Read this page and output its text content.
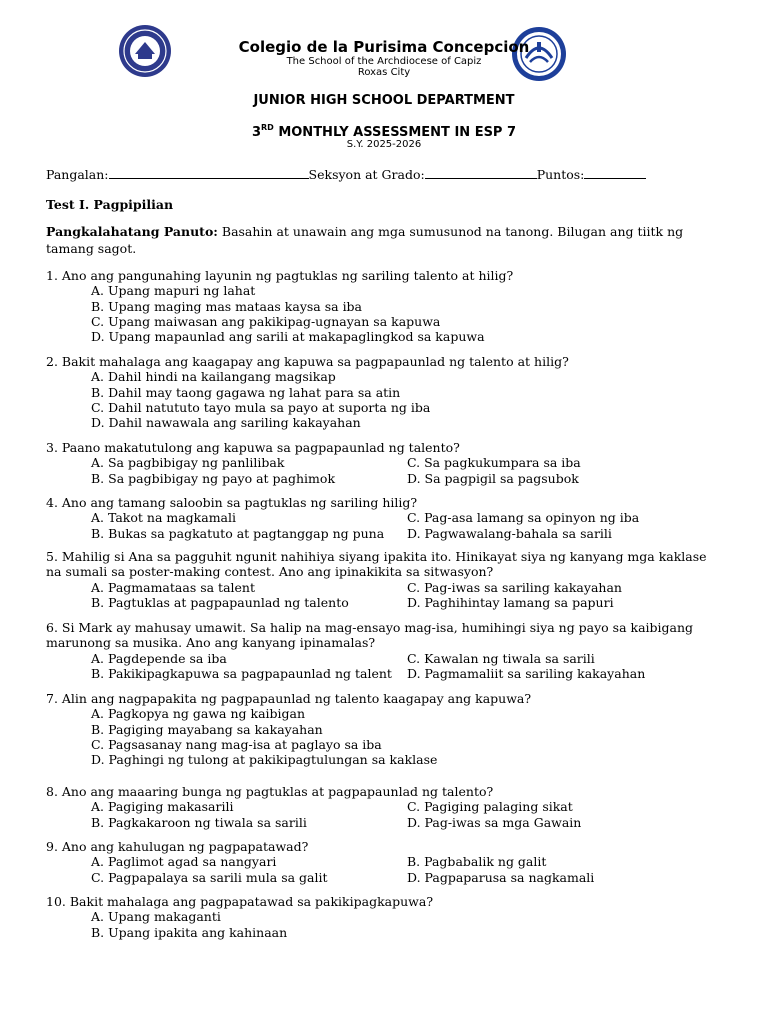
Colegio de la Purisima Concepcion
The School of the Archdiocese of Capiz
Roxas City
JUNIOR HIGH SCHOOL DEPARTMENT
3RD MONTHLY ASSESSMENT IN ESP 7
S.Y. 2025-2026
Pangalan:	Seksyon at Grado:	Puntos:
Test I. Pagpipilian
Pangkalahatang Panuto: Basahin at unawain ang mga sumusunod na tanong. Bilugan ang tiitk ng tamang sagot.
1. Ano ang pangunahing layunin ng pagtuklas ng sariling talento at hilig?
A. Upang mapuri ng lahat
B. Upang maging mas mataas kaysa sa iba
C. Upang maiwasan ang pakikipag-ugnayan sa kapuwa
D. Upang mapaunlad ang sarili at makapaglingkod sa kapuwa
2. Bakit mahalaga ang kaagapay ang kapuwa sa pagpapaunlad ng talento at hilig?
A. Dahil hindi na kailangang magsikap
B. Dahil may taong gagawa ng lahat para sa atin
C. Dahil natututo tayo mula sa payo at suporta ng iba
D. Dahil nawawala ang sariling kakayahan
3. Paano makatutulong ang kapuwa sa pagpapaunlad ng talento?
A. Sa pagbibigay ng panlilibak	C. Sa pagkukumpara sa iba
B. Sa pagbibigay ng payo at paghimok	D. Sa pagpigil sa pagsubok
4. Ano ang tamang saloobin sa pagtuklas ng sariling hilig?
A. Takot na magkamali	C. Pag-asa lamang sa opinyon ng iba
B. Bukas sa pagkatuto at pagtanggap ng puna	D. Pagwawalang-bahala sa sarili
5. Mahilig si Ana sa pagguhit ngunit nahihiya siyang ipakita ito. Hinikayat siya ng kanyang mga kaklase na sumali sa poster-making contest. Ano ang ipinakikita sa sitwasyon?
A. Pagmamataas sa talent	C. Pag-iwas sa sariling kakayahan
B. Pagtuklas at pagpapaunlad ng talento	D. Paghihintay lamang sa papuri
6. Si Mark ay mahusay umawit. Sa halip na mag-ensayo mag-isa, humihingi siya ng payo sa kaibigang marunong sa musika. Ano ang kanyang ipinamalas?
A. Pagdepende sa iba	C. Kawalan ng tiwala sa sarili
B. Pakikipagkapuwa sa pagpapaunlad ng talent	D. Pagmamaliit sa sariling kakayahan
7. Alin ang nagpapakita ng pagpapaunlad ng talento kaagapay ang kapuwa?
A. Pagkopya ng gawa ng kaibigan
B. Pagiging mayabang sa kakayahan
C. Pagsasanay nang mag-isa at paglayo sa iba
D. Paghingi ng tulong at pakikipagtulungan sa kaklase
8. Ano ang maaaring bunga ng pagtuklas at pagpapaunlad ng talento?
A. Pagiging makasarili	C. Pagiging palaging sikat
B. Pagkakaroon ng tiwala sa sarili	D. Pag-iwas sa mga Gawain
9. Ano ang kahulugan ng pagpapatawad?
A. Paglimot agad sa nangyari	B. Pagbabalik ng galit
C. Pagpapalaya sa sarili mula sa galit	D. Pagpaparusa sa nagkamali
10. Bakit mahalaga ang pagpapatawad sa pakikipagkapuwa?
A. Upang makaganti
B. Upang ipakita ang kahinaan
